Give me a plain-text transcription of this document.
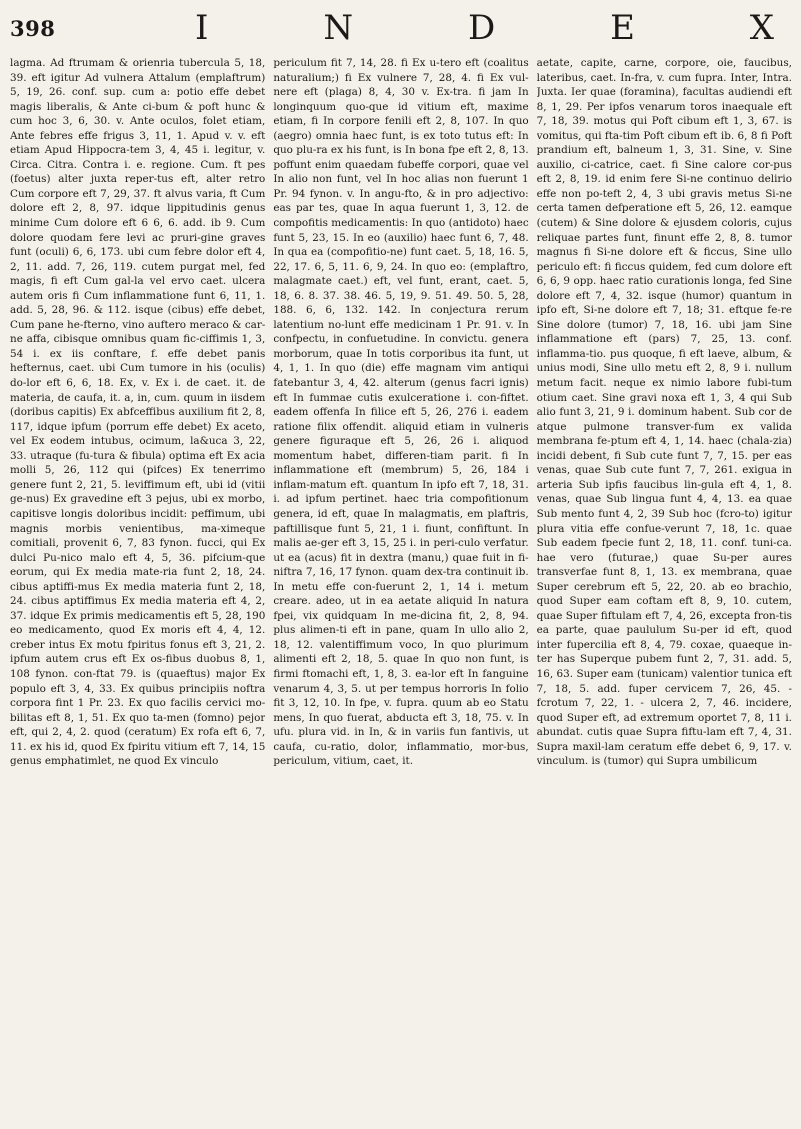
398	I	N	D	E	X

lagma. Ad ftrumam & orienria tubercula 5, 18, 39. eft igitur Ad vulnera Attalum (emplaftrum) 5, 19, 26. conf. sup. cum a: potio effe debet magis liberalis, & Ante ci-bum & poft hunc & cum hoc 3, 6, 30. v. Ante oculos, folet etiam, Ante febres effe frigus 3, 11, 1. Apud v. v. eft etiam Apud Hippocra-tem 3, 4, 45 i. legitur, v. Circa. Citra. Contra i. e. regione. Cum. ft pes (foetus) alter juxta reper-tus eft, alter retro Cum corpore eft 7, 29, 37. ft alvus varia, ft Cum dolore eft 2, 8, 97. idque lippitudinis genus minime Cum dolore eft 6 6, 6. add. ib 9. Cum dolore quodam fere levi ac pruri-gine graves funt (oculi) 6, 6, 173. ubi cum febre dolor eft 4, 2, 11. add. 7, 26, 119. cutem purgat mel, fed magis, fi eft Cum gal-la vel ervo caet. ulcera autem oris fi Cum inflammatione funt 6, 11, 1. add. 5, 28, 96. & 112. isque (cibus) effe debet, Cum pane he-fterno, vino auftero meraco & car-ne affa, cibisque omnibus quam fic-ciffimis 1, 3, 54 i. ex iis conftare, f. effe debet panis hefternus, caet. ubi Cum tumore in his (oculis) do-lor eft 6, 6, 18. Ex, v. Ex i. de caet. it. de materia, de caufa, it. a, in, cum. quum in iisdem (doribus capitis) Ex abfceffibus auxilium fit 2, 8, 117, idque ipfum (porrum effe debet) Ex aceto, vel Ex eodem intubus, ocimum, la&uca 3, 22, 33. utraque (fu-tura & fibula) optima eft Ex acia molli 5, 26, 112 qui (pifces) Ex tenerrimo genere funt 2, 21, 5. leviffimum eft, ubi id (vitii ge-nus) Ex gravedine eft 3 pejus, ubi ex morbo, capitisve longis doloribus incidit: peffimum, ubi magnis morbis venientibus, ma-ximeque comitiali, provenit 6, 7, 83 fynon. fucci, qui Ex dulci Pu-nico malo eft 4, 5, 36. pifcium-que eorum, qui Ex media mate-ria funt 2, 18, 24. cibus aptiffi-mus Ex media materia funt 2, 18, 24. cibus aptiffimus Ex media materia eft 4, 2, 37. idque Ex primis medicamentis eft 5, 28, 190 eo medicamento, quod Ex moris eft 4, 4, 12. creber intus Ex motu fpiritus fonus eft 3, 21, 2. ipfum autem crus eft Ex os-fibus duobus 8, 1, 108 fynon. con-ftat 79. is (quaeftus) major Ex populo eft 3, 4, 33. Ex quibus principiis noftra corpora fint 1 Pr. 23. Ex quo facilis cervici mo-bilitas eft 8, 1, 51. Ex quo ta-men (fomno) pejor eft, qui 2, 4, 2. quod (ceratum) Ex rofa eft 6, 7, 11. ex his id, quod Ex fpiritu vitium eft 7, 14, 15 genus emphatimlet, ne quod Ex vinculo

periculum fit 7, 14, 28. fi Ex u-tero eft (coalitus naturalium;) fi Ex vulnere 7, 28, 4. fi Ex vul-nere eft (plaga) 8, 4, 30 v. Ex-tra. fi jam In longinquum quo-que id vitium eft, maxime etiam, fi In corpore fenili eft 2, 8, 107. In quo (aegro) omnia haec funt, is ex toto tutus eft: In quo plu-ra ex his funt, is In bona fpe eft 2, 8, 13. poffunt enim quaedam fubeffe corpori, quae vel In alio non funt, vel In hoc alias non fuerunt 1 Pr. 94 fynon. v. In angu-fto, & in pro adjectivo: eas par tes, quae In aqua fuerunt 1, 3, 12. de compofitis medicamentis: In quo (antidoto) haec funt 5, 23, 15. In eo (auxilio) haec funt 6, 7, 48. In qua ea (compofitio-ne) funt caet. 5, 18, 16. 5, 22, 17. 6, 5, 11. 6, 9, 24. In quo eo: (emplaftro, malagmate caet.) eft, vel funt, erant, caet. 5, 18, 6. 8. 37. 38. 46. 5, 19, 9. 51. 49. 50. 5, 28, 188. 6, 6, 132. 142. In conjectura rerum latentium no-lunt effe medicinam 1 Pr. 91. v. In confpectu, in confuetudine. In convictu. genera morborum, quae In totis corporibus ita funt, ut 4, 1, 1. In quo (die) effe magnam vim antiqui fatebantur 3, 4, 42. alterum (genus facri ignis) eft In fummae cutis exulceratione i. con-fiftet. eadem offenfa In filice eft 5, 26, 276 i. eadem ratione filix offendit. aliquid etiam in vulneris genere figuraque eft 5, 26, 26 i. aliquod momentum habet, differen-tiam parit. fi In inflammatione eft (membrum) 5, 26, 184 i inflam-matum eft. quantum In ipfo eft 7, 18, 31. i. ad ipfum pertinet. haec tria compofitionum genera, id eft, quae In malagmatis, em plaftris, paftillisque funt 5, 21, 1 i. fiunt, confiftunt. In malis ae-ger eft 3, 15, 25 i. in peri-culo verfatur. ut ea (acus) fit in dextra (manu,) quae fuit in fi-niftra 7, 16, 17 fynon. quam dex-tra continuit ib. In metu effe con-fuerunt 2, 1, 14 i. metum creare. adeo, ut in ea aetate aliquid In natura fpei, vix quidquam In me-dicina fit, 2, 8, 94. plus alimen-ti eft in pane, quam In ullo alio 2, 18, 12. valentiffimum voco, In quo plurimum alimenti eft 2, 18, 5. quae In quo non funt, is firmi ftomachi eft, 1, 8, 3. ea-lor eft In fanguine venarum 4, 3, 5. ut per tempus horroris In folio fit 3, 12, 10. In fpe, v. fupra. quum ab eo Statu mens, In quo fuerat, abducta eft 3, 18, 75. v. In ufu. plura vid. in In, & in variis fun fantivis, ut caufa, cu-ratio, dolor, inflammatio, mor-bus, periculum, vitium, caet, it.

aetate, capite, carne, corpore, oie, faucibus, lateribus, caet. In-fra, v. cum fupra. Inter, Intra. Juxta. Ier quae (foramina), facultas audiendi eft 8, 1, 29. Per ipfos venarum toros inaequale eft 7, 18, 39. motus qui Poft cibum eft 1, 3, 67. is vomitus, qui fta-tim Poft cibum eft ib. 6, 8 fi Poft prandium eft, balneum 1, 3, 31. Sine, v. Sine auxilio, ci-catrice, caet. fi Sine calore cor-pus eft 2, 8, 19. id enim fere Si-ne continuo delirio effe non po-teft 2, 4, 3 ubi gravis metus Si-ne certa tamen defperatione eft 5, 26, 12. eamque (cutem) & Sine dolore & ejusdem coloris, cujus reliquae partes funt, finunt effe 2, 8, 8. tumor magnus fi Si-ne dolore eft & ficcus, Sine ullo periculo eft: fi ficcus quidem, fed cum dolore eft 6, 6, 9 opp. haec ratio curationis longa, fed Sine dolore eft 7, 4, 32. isque (humor) quantum in ipfo eft, Si-ne dolore eft 7, 18; 31. eftque fe-re Sine dolore (tumor) 7, 18, 16. ubi jam Sine inflammatione eft (pars) 7, 25, 13. conf. inflamma-tio. pus quoque, fi eft laeve, album, & unius modi, Sine ullo metu eft 2, 8, 9 i. nullum metum facit. neque ex nimio labore fubi-tum otium caet. Sine gravi noxa eft 1, 3, 4 qui Sub alio funt 3, 21, 9 i. dominum habent. Sub cor de atque pulmone transver-fum ex valida membrana fe-ptum eft 4, 1, 14. haec (chala-zia) incidi debent, fi Sub cute funt 7, 7, 15. per eas venas, quae Sub cute funt 7, 7, 261. exigua in arteria Sub ipfis faucibus lin-gula eft 4, 1, 8. venas, quae Sub lingua funt 4, 4, 13. ea quae Sub mento funt 4, 2, 39 Sub hoc (fcro-to) igitur plura vitia effe confue-verunt 7, 18, 1c. quae Sub eadem fpecie funt 2, 18, 11. conf. tuni-ca. hae vero (futurae,) quae Su-per aures transverfae funt 8, 1, 13. ex membrana, quae Super cerebrum eft 5, 22, 20. ab eo brachio, quod Super eam coftam eft 8, 9, 10. cutem, quae Super fiftulam eft 7, 4, 26, excepta fron-tis ea parte, quae paululum Su-per id eft, quod inter fupercilia eft 8, 4, 79. coxae, quaeque in-ter has Superque pubem funt 2, 7, 31. add. 5, 16, 63. Super eam (tunicam) valentior tunica eft 7, 18, 5. add. fuper cervicem 7, 26, 45. - fcrotum 7, 22, 1. - ulcera 2, 7, 46. incidere, quod Super eft, ad extremum oportet 7, 8, 11 i. abundat. cutis quae Supra fiftu-lam eft 7, 4, 31. Supra maxil-lam ceratum effe debet 6, 9, 17. v. vinculum. is (tumor) qui Supra umbilicum
